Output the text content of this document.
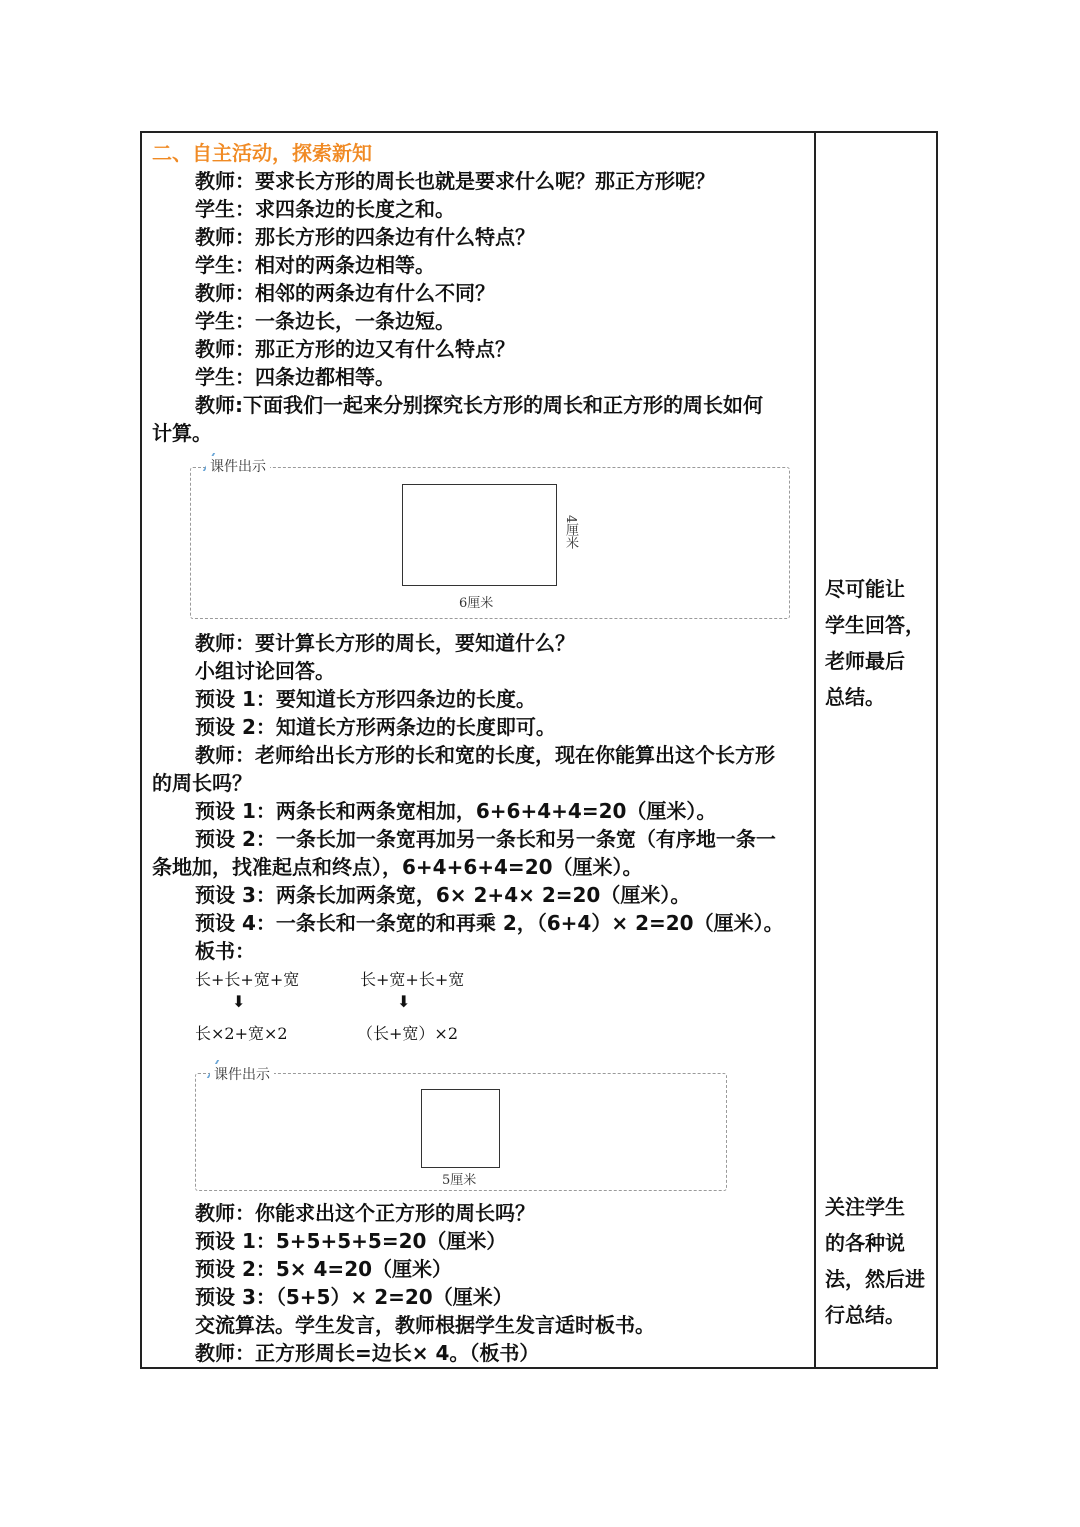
二、自主活动，探索新知
教师：要求长方形的周长也就是要求什么呢？那正方形呢？
学生：求四条边的长度之和。
教师：那长方形的四条边有什么特点？
学生：相对的两条边相等。
教师：相邻的两条边有什么不同？
学生：一条边长，一条边短。
教师：那正方形的边又有什么特点？
学生：四条边都相等。
教师:下面我们一起来分别探究长方形的周长和正方形的周长如何
计算。
课件出示
4厘米
6厘米
教师：要计算长方形的周长，要知道什么？
小组讨论回答。
预设 1：要知道长方形四条边的长度。
预设 2：知道长方形两条边的长度即可。
教师：老师给出长方形的长和宽的长度，现在你能算出这个长方形
的周长吗？
预设 1：两条长和两条宽相加，6+6+4+4=20（厘米）。
预设 2：一条长加一条宽再加另一条长和另一条宽（有序地一条一
条地加，找准起点和终点），6+4+6+4=20（厘米）。
预设 3：两条长加两条宽，6× 2+4× 2=20（厘米）。
预设 4：一条长和一条宽的和再乘 2，（6+4）× 2=20（厘米）。
板书：
长+长+宽+宽
⬇
长×2+宽×2
长+宽+长+宽
⬇
（长+宽）×2
课件出示
5厘米
教师：你能求出这个正方形的周长吗？
预设 1：5+5+5+5=20（厘米）
预设 2：5× 4=20（厘米）
预设 3：（5+5）× 2=20（厘米）
交流算法。学生发言，教师根据学生发言适时板书。
教师：正方形周长=边长× 4。（板书）
尽可能让
学生回答，
老师最后
总结。
关注学生
的各种说
法，然后进
行总结。
